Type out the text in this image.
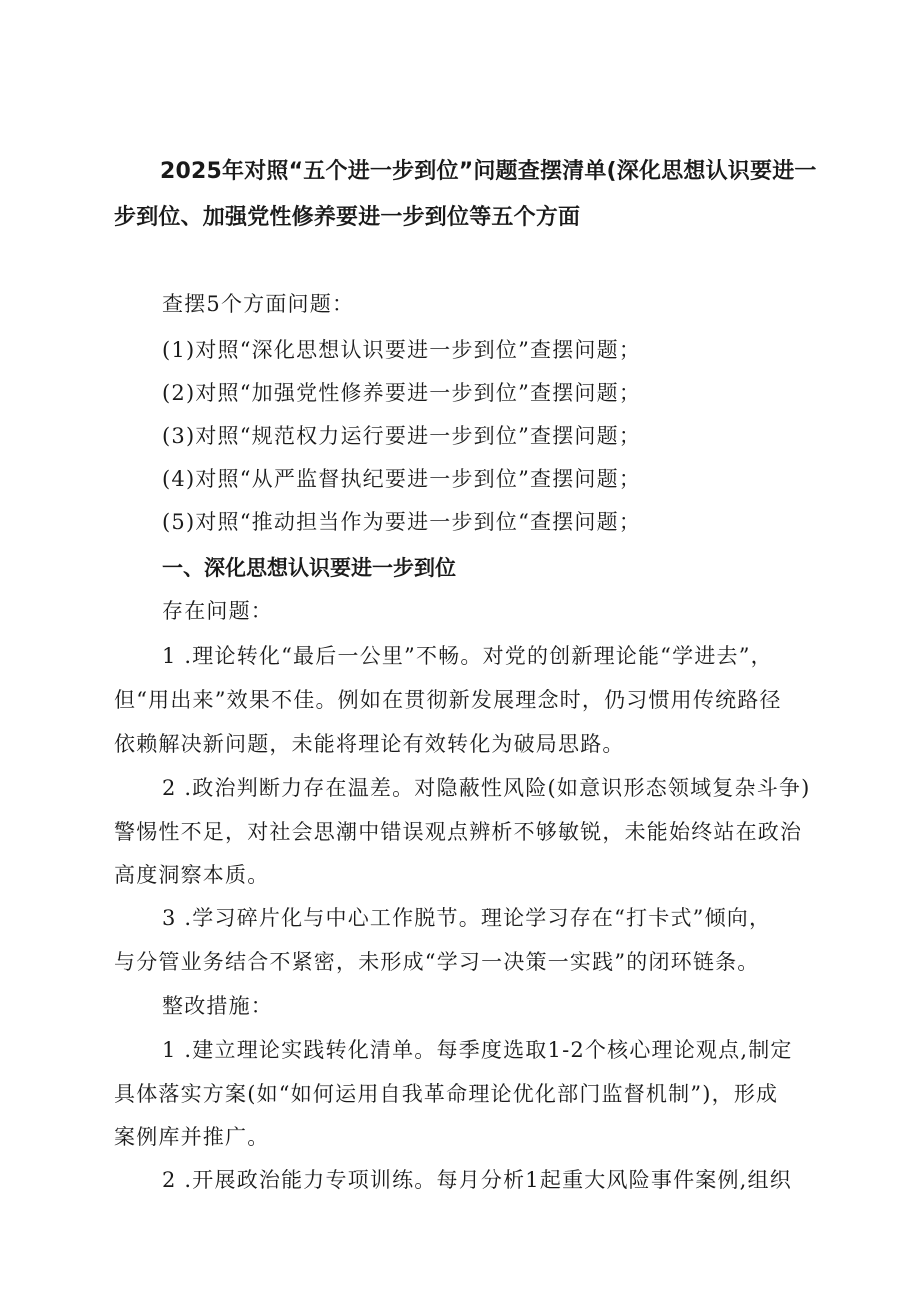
2025年对照“五个进一步到位”问题查摆清单(深化思想认识要进一
步到位、加强党性修养要进一步到位等五个方面
查摆5个方面问题：
(1)对照“深化思想认识要进一步到位”查摆问题；
(2)对照“加强党性修养要进一步到位”查摆问题；
(3)对照“规范权力运行要进一步到位”查摆问题；
(4)对照“从严监督执纪要进一步到位”查摆问题；
(5)对照“推动担当作为要进一步到位“查摆问题；
一、深化思想认识要进一步到位
存在问题：
1 .理论转化“最后一公里”不畅。对党的创新理论能“学进去”，
但“用出来”效果不佳。例如在贯彻新发展理念时，仍习惯用传统路径
依赖解决新问题，未能将理论有效转化为破局思路。
2 .政治判断力存在温差。对隐蔽性风险(如意识形态领域复杂斗争)
警惕性不足，对社会思潮中错误观点辨析不够敏锐，未能始终站在政治
高度洞察本质。
3 .学习碎片化与中心工作脱节。理论学习存在“打卡式”倾向，
与分管业务结合不紧密，未形成“学习一决策一实践”的闭环链条。
整改措施：
1 .建立理论实践转化清单。每季度选取1-2个核心理论观点,制定
具体落实方案(如“如何运用自我革命理论优化部门监督机制”)，形成
案例库并推广。
2 .开展政治能力专项训练。每月分析1起重大风险事件案例,组织
